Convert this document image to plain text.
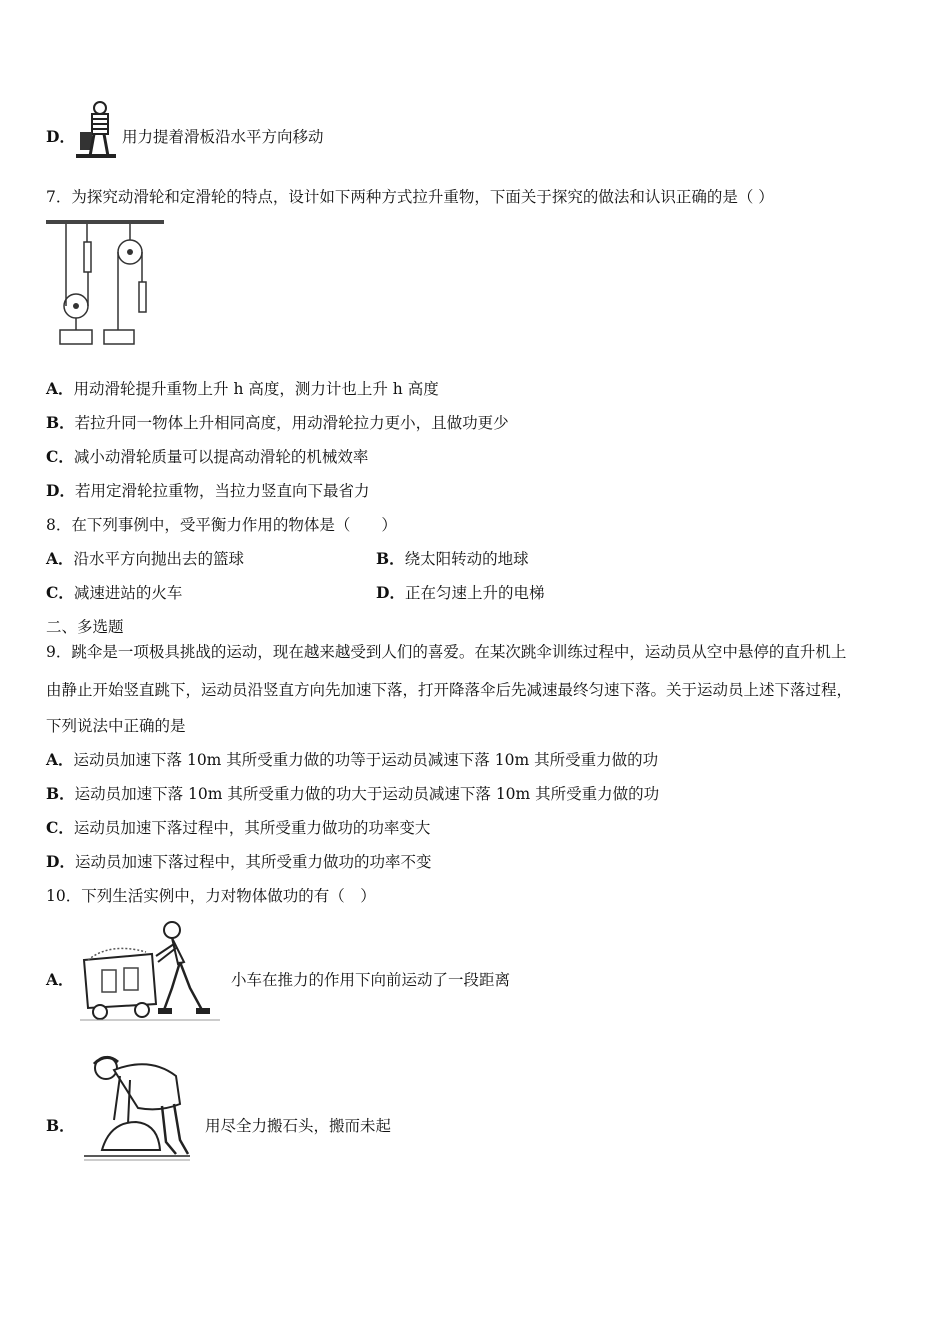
D．	用力提着滑板沿水平方向移动
7．为探究动滑轮和定滑轮的特点，设计如下两种方式拉升重物，下面关于探究的做法和认识正确的是（ ）
A．用动滑轮提升重物上升 h 高度，测力计也上升 h 高度
B．若拉升同一物体上升相同高度，用动滑轮拉力更小，且做功更少
C．减小动滑轮质量可以提高动滑轮的机械效率
D．若用定滑轮拉重物，当拉力竖直向下最省力
8．在下列事例中，受平衡力作用的物体是（　　）
A．沿水平方向抛出去的篮球	B．绕太阳转动的地球
C．减速进站的火车	D．正在匀速上升的电梯
二、多选题
9．跳伞是一项极具挑战的运动，现在越来越受到人们的喜爱。在某次跳伞训练过程中，运动员从空中悬停的直升机上
由静止开始竖直跳下，运动员沿竖直方向先加速下落，打开降落伞后先减速最终匀速下落。关于运动员上述下落过程，
下列说法中正确的是
A．运动员加速下落 10m 其所受重力做的功等于运动员减速下落 10m 其所受重力做的功
B．运动员加速下落 10m 其所受重力做的功大于运动员减速下落 10m 其所受重力做的功
C．运动员加速下落过程中，其所受重力做功的功率变大
D．运动员加速下落过程中，其所受重力做功的功率不变
10．下列生活实例中，力对物体做功的有（　）
A．	小车在推力的作用下向前运动了一段距离
B．	用尽全力搬石头，搬而未起
